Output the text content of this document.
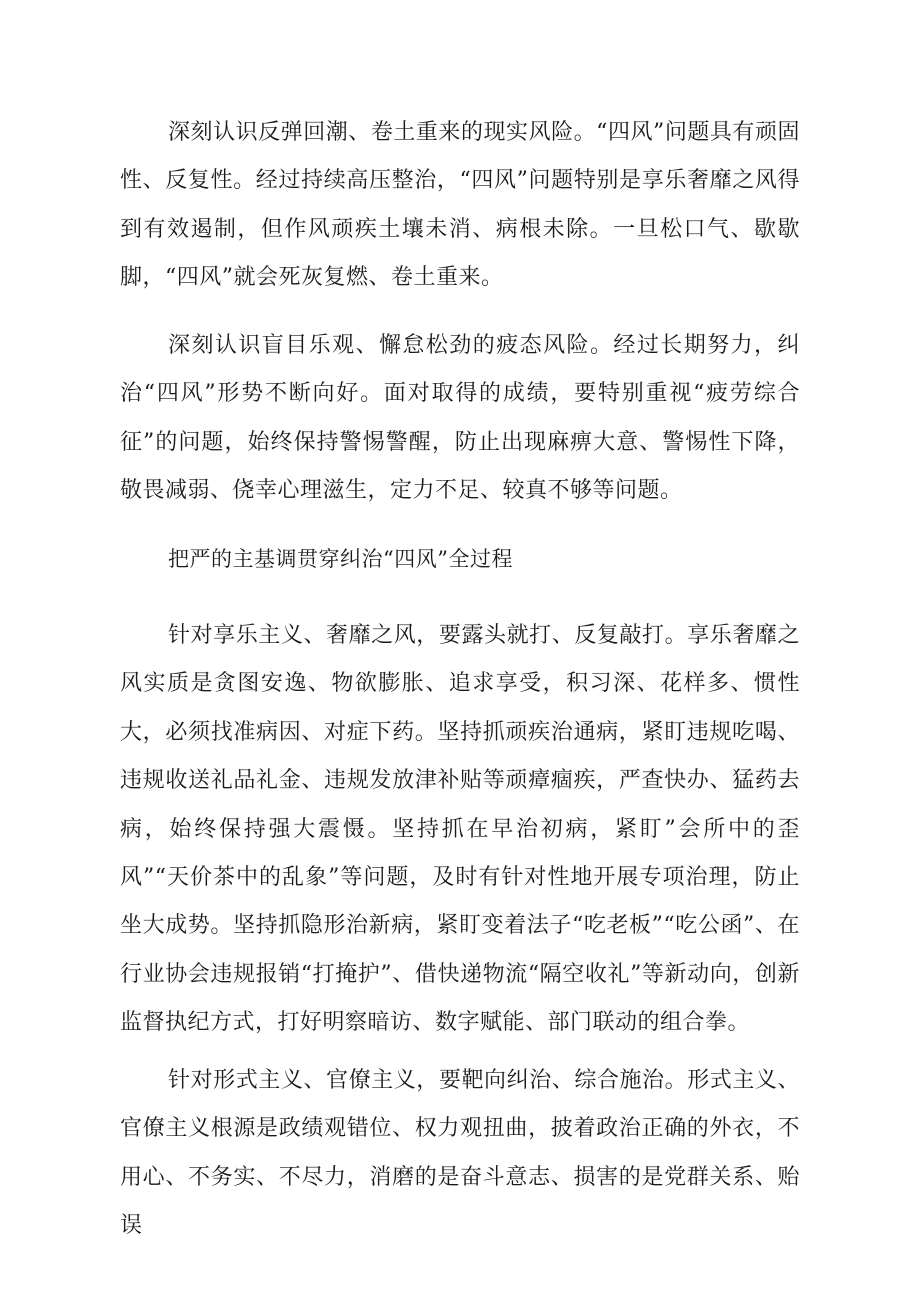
深刻认识反弹回潮、卷土重来的现实风险。“四风”问题具有顽固性、反复性。经过持续高压整治，“四风”问题特别是享乐奢靡之风得到有效遏制，但作风顽疾土壤未消、病根未除。一旦松口气、歇歇脚，“四风”就会死灰复燃、卷土重来。

深刻认识盲目乐观、懈怠松劲的疲态风险。经过长期努力，纠治“四风”形势不断向好。面对取得的成绩，要特别重视“疲劳综合征”的问题，始终保持警惕警醒，防止出现麻痹大意、警惕性下降，敬畏减弱、侥幸心理滋生，定力不足、较真不够等问题。

把严的主基调贯穿纠治“四风”全过程

针对享乐主义、奢靡之风，要露头就打、反复敲打。享乐奢靡之风实质是贪图安逸、物欲膨胀、追求享受，积习深、花样多、惯性大，必须找准病因、对症下药。坚持抓顽疾治通病，紧盯违规吃喝、违规收送礼品礼金、违规发放津补贴等顽瘴痼疾，严查快办、猛药去病，始终保持强大震慑。坚持抓在早治初病，紧盯”会所中的歪风”“天价茶中的乱象”等问题，及时有针对性地开展专项治理，防止坐大成势。坚持抓隐形治新病，紧盯变着法子“吃老板”“吃公函”、在行业协会违规报销“打掩护”、借快递物流“隔空收礼”等新动向，创新监督执纪方式，打好明察暗访、数字赋能、部门联动的组合拳。

针对形式主义、官僚主义，要靶向纠治、综合施治。形式主义、官僚主义根源是政绩观错位、权力观扭曲，披着政治正确的外衣，不用心、不务实、不尽力，消磨的是奋斗意志、损害的是党群关系、贻误
